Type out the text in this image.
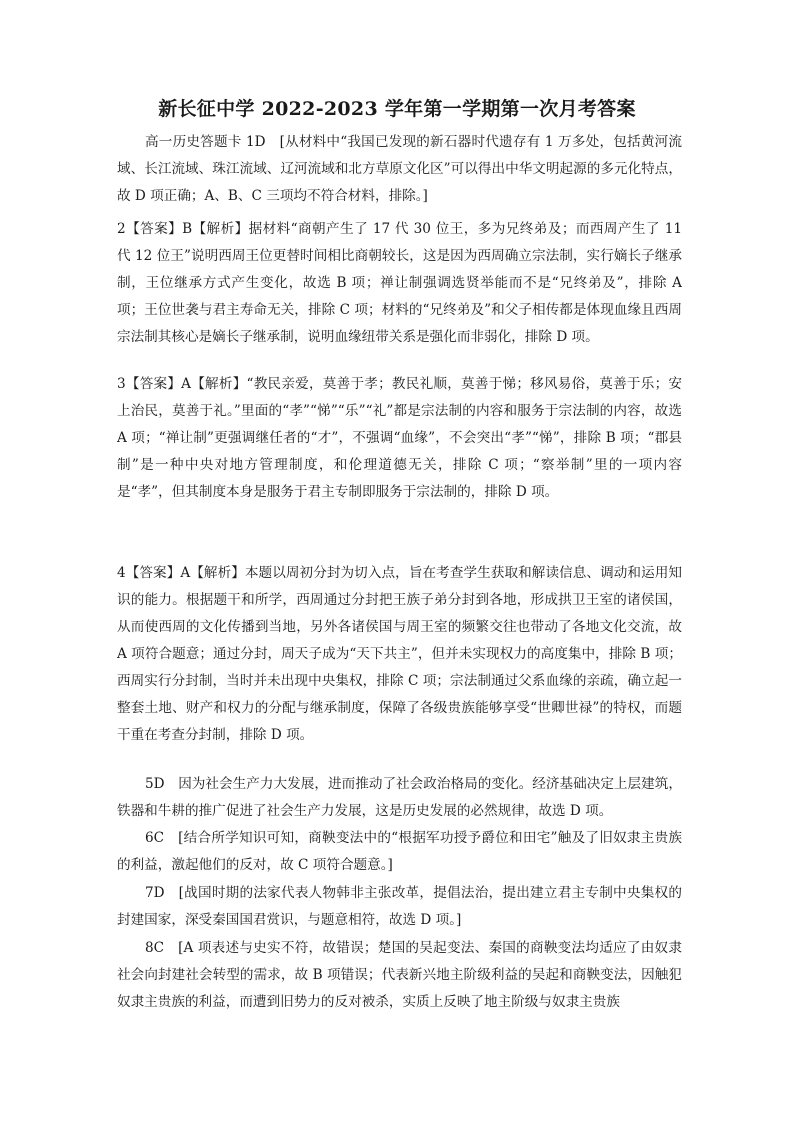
新长征中学 2022-2023 学年第一学期第一次月考答案
高一历史答题卡 1D　[从材料中“我国已发现的新石器时代遗存有 1 万多处，包括黄河流域、长江流域、珠江流域、辽河流域和北方草原文化区”可以得出中华文明起源的多元化特点，故 D 项正确；A、B、C 三项均不符合材料，排除。]
2【答案】B【解析】据材料“商朝产生了 17 代 30 位王，多为兄终弟及；而西周产生了 11 代 12 位王”说明西周王位更替时间相比商朝较长，这是因为西周确立宗法制，实行嫡长子继承制，王位继承方式产生变化，故选 B 项；禅让制强调选贤举能而不是“兄终弟及”，排除 A 项；王位世袭与君主寿命无关，排除 C 项；材料的“兄终弟及”和父子相传都是体现血缘且西周宗法制其核心是嫡长子继承制，说明血缘纽带关系是强化而非弱化，排除 D 项。
3【答案】A【解析】“教民亲爱，莫善于孝；教民礼顺，莫善于悌；移风易俗，莫善于乐；安上治民，莫善于礼。”里面的“孝”“悌”“乐”“礼”都是宗法制的内容和服务于宗法制的内容，故选 A 项；“禅让制”更强调继任者的“才”，不强调“血缘”，不会突出“孝”“悌”，排除 B 项；“郡县制”是一种中央对地方管理制度，和伦理道德无关，排除 C 项；“察举制”里的一项内容是“孝”，但其制度本身是服务于君主专制即服务于宗法制的，排除 D 项。
4【答案】A【解析】本题以周初分封为切入点，旨在考查学生获取和解读信息、调动和运用知识的能力。根据题干和所学，西周通过分封把王族子弟分封到各地，形成拱卫王室的诸侯国，从而使西周的文化传播到当地，另外各诸侯国与周王室的频繁交往也带动了各地文化交流，故 A 项符合题意；通过分封，周天子成为“天下共主”，但并未实现权力的高度集中，排除 B 项；西周实行分封制，当时并未出现中央集权，排除 C 项；宗法制通过父系血缘的亲疏，确立起一整套土地、财产和权力的分配与继承制度，保障了各级贵族能够享受“世卿世禄”的特权，而题干重在考查分封制，排除 D 项。
5D　因为社会生产力大发展，进而推动了社会政治格局的变化。经济基础决定上层建筑，铁器和牛耕的推广促进了社会生产力发展，这是历史发展的必然规律，故选 D 项。
6C　[结合所学知识可知，商鞅变法中的“根据军功授予爵位和田宅”触及了旧奴隶主贵族的利益，激起他们的反对，故 C 项符合题意。]
7D　[战国时期的法家代表人物韩非主张改革，提倡法治，提出建立君主专制中央集权的封建国家，深受秦国国君赏识，与题意相符，故选 D 项。]
8C　[A 项表述与史实不符，故错误；楚国的吴起变法、秦国的商鞅变法均适应了由奴隶社会向封建社会转型的需求，故 B 项错误；代表新兴地主阶级利益的吴起和商鞅变法，因触犯奴隶主贵族的利益，而遭到旧势力的反对被杀，实质上反映了地主阶级与奴隶主贵族
